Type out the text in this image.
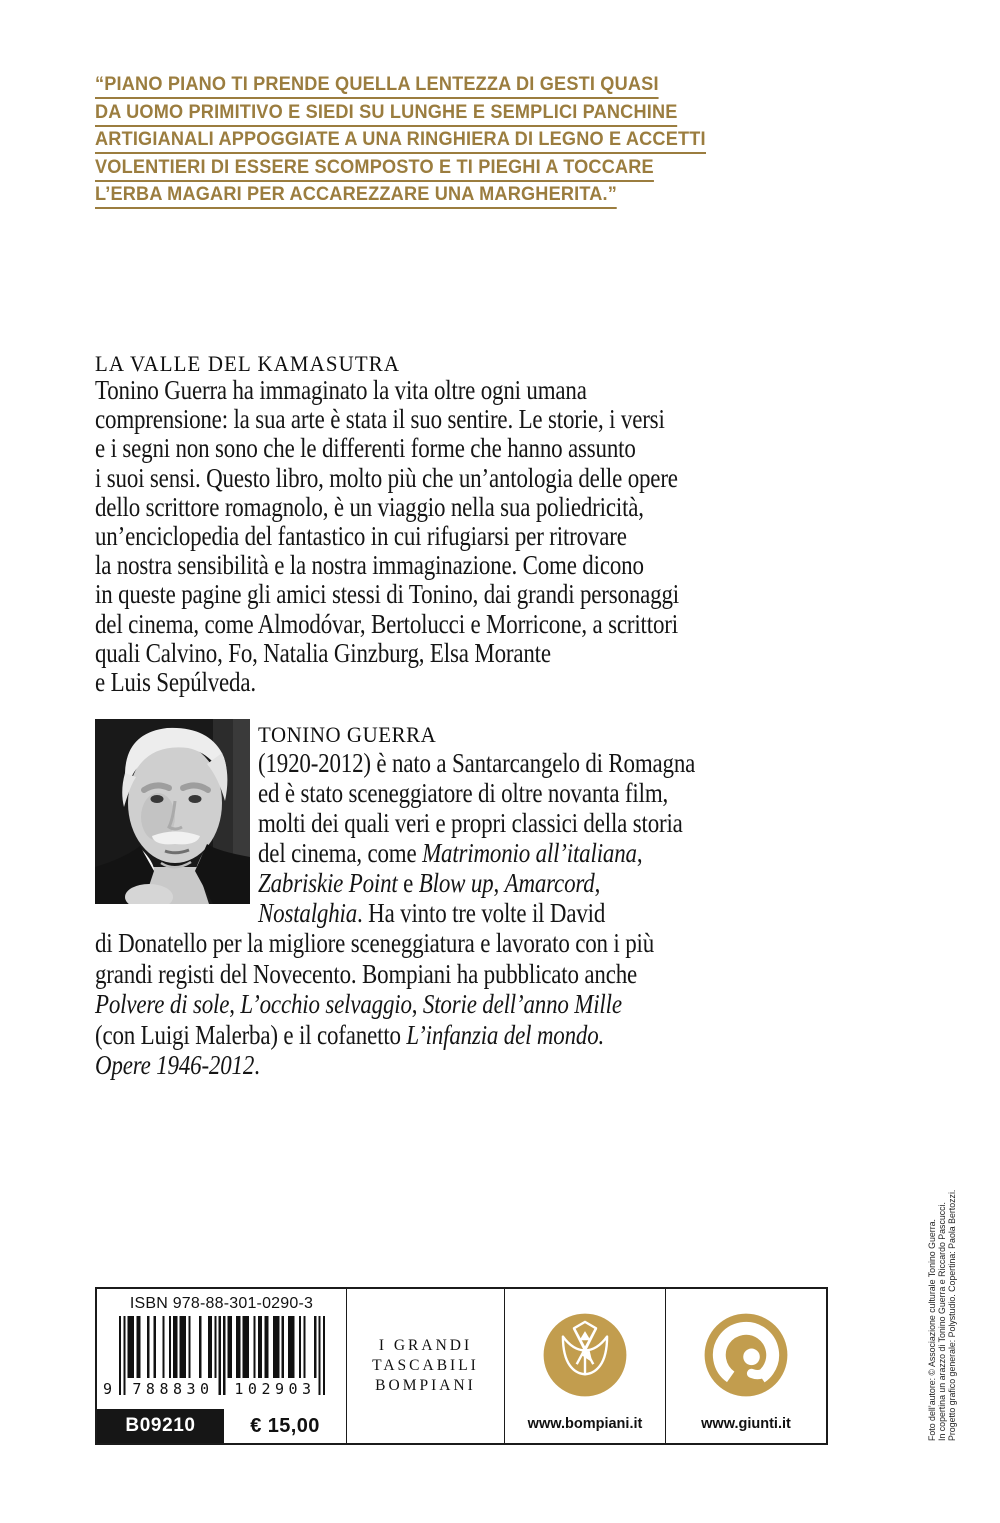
“PIANO PIANO TI PRENDE QUELLA LENTEZZA DI GESTI QUASI
DA UOMO PRIMITIVO E SIEDI SU LUNGHE E SEMPLICI PANCHINE
ARTIGIANALI APPOGGIATE A UNA RINGHIERA DI LEGNO E ACCETTI
VOLENTIERI DI ESSERE SCOMPOSTO E TI PIEGHI A TOCCARE
L’ERBA MAGARI PER ACCAREZZARE UNA MARGHERITA.”
LA VALLE DEL KAMASUTRA
Tonino Guerra ha immaginato la vita oltre ogni umana
comprensione: la sua arte è stata il suo sentire. Le storie, i versi
e i segni non sono che le differenti forme che hanno assunto
i suoi sensi. Questo libro, molto più che un’antologia delle opere
dello scrittore romagnolo, è un viaggio nella sua poliedricità,
un’enciclopedia del fantastico in cui rifugiarsi per ritrovare
la nostra sensibilità e la nostra immaginazione. Come dicono
in queste pagine gli amici stessi di Tonino, dai grandi personaggi
del cinema, come Almodóvar, Bertolucci e Morricone, a scrittori
quali Calvino, Fo, Natalia Ginzburg, Elsa Morante
e Luis Sepúlveda.
TONINO GUERRA
(1920-2012) è nato a Santarcangelo di Romagna
ed è stato sceneggiatore di oltre novanta film,
molti dei quali veri e propri classici della storia
del cinema, come Matrimonio all’italiana,
Zabriskie Point e Blow up, Amarcord,
Nostalghia. Ha vinto tre volte il David
di Donatello per la migliore sceneggiatura e lavorato con i più
grandi registi del Novecento. Bompiani ha pubblicato anche
Polvere di sole, L’occhio selvaggio, Storie dell’anno Mille
(con Luigi Malerba) e il cofanetto L’infanzia del mondo.
Opere 1946-2012.
ISBN 978-88-301-0290-3
9 788830 102903
B09210	€ 15,00
I GRANDI
TASCABILI
BOMPIANI
www.bompiani.it	www.giunti.it	Foto dell’autore: © Associazione culturale Tonino Guerra. In copertina un arazzo di Tonino Guerra e Riccardo Pascucci. Progetto grafico generale: Polystudio. Copertina: Paola Bertozzi.
